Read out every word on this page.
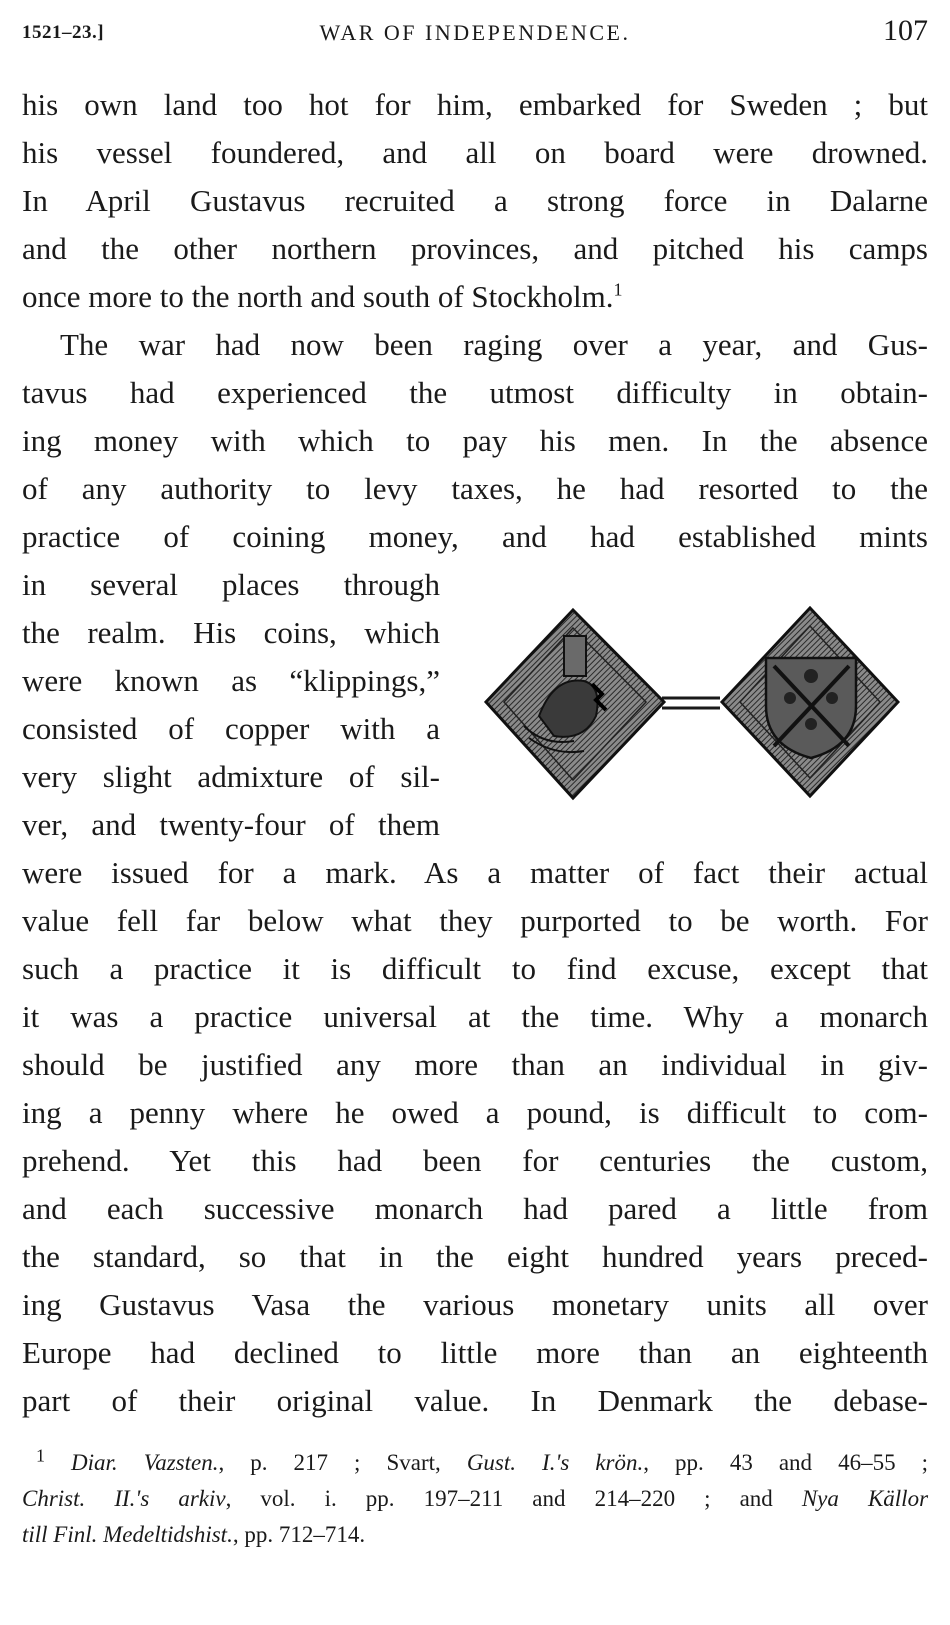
1521–23.]	WAR OF INDEPENDENCE.	107
his own land too hot for him, embarked for Sweden ; but
his vessel foundered, and all on board were drowned.
In April Gustavus recruited a strong force in Dalarne
and the other northern provinces, and pitched his camps
once more to the north and south of Stockholm.$^1$
The war had now been raging over a year, and Gus-
tavus had experienced the utmost difficulty in obtain-
ing money with which to pay his men. In the absence
of any authority to levy taxes, he had resorted to the
practice of coining money, and had established mints
in several places through
the realm. His coins, which
were known as “klippings,”
consisted of copper with a
very slight admixture of sil-
ver, and twenty-four of them
were issued for a mark. As a matter of fact their actual
value fell far below what they purported to be worth. For
such a practice it is difficult to find excuse, except that
it was a practice universal at the time. Why a monarch
should be justified any more than an individual in giv-
ing a penny where he owed a pound, is difficult to com-
prehend. Yet this had been for centuries the custom,
and each successive monarch had pared a little from
the standard, so that in the eight hundred years preced-
ing Gustavus Vasa the various monetary units all over
Europe had declined to little more than an eighteenth
part of their original value. In Denmark the debase-
$^1$ Diar. Vazsten., p. 217 ; Svart, Gust. I.'s krön., pp. 43 and 46–55 ;
Christ. II.'s arkiv, vol. i. pp. 197–211 and 214–220 ; and Nya Källor
till Finl. Medeltidshist., pp. 712–714.
